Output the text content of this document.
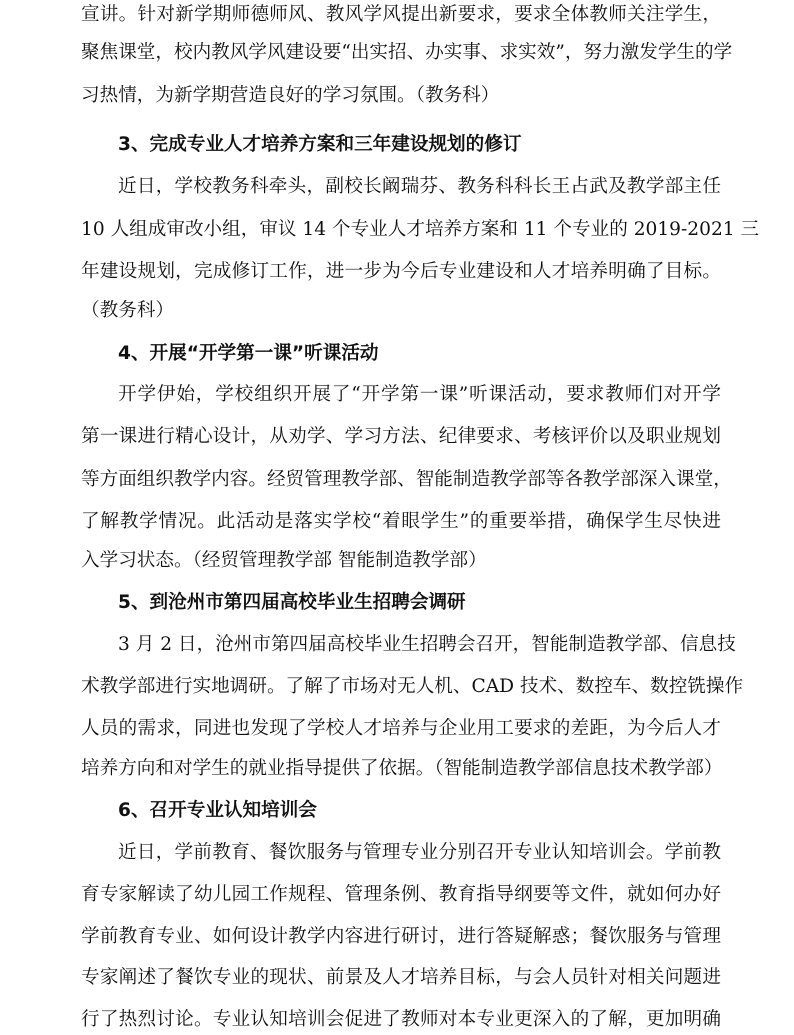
宣讲。针对新学期师德师风、教风学风提出新要求，要求全体教师关注学生，
聚焦课堂，校内教风学风建设要“出实招、办实事、求实效”，努力激发学生的学
习热情，为新学期营造良好的学习氛围。（教务科）
3、完成专业人才培养方案和三年建设规划的修订
近日，学校教务科牵头，副校长阚瑞芬、教务科科长王占武及教学部主任
10 人组成审改小组，审议 14 个专业人才培养方案和 11 个专业的 2019-2021 三
年建设规划，完成修订工作，进一步为今后专业建设和人才培养明确了目标。
（教务科）
4、开展“开学第一课”听课活动
开学伊始，学校组织开展了“开学第一课”听课活动，要求教师们对开学
第一课进行精心设计，从劝学、学习方法、纪律要求、考核评价以及职业规划
等方面组织教学内容。经贸管理教学部、智能制造教学部等各教学部深入课堂，
了解教学情况。此活动是落实学校“着眼学生”的重要举措，确保学生尽快进
入学习状态。（经贸管理教学部 智能制造教学部）
5、到沧州市第四届高校毕业生招聘会调研
3 月 2 日，沧州市第四届高校毕业生招聘会召开，智能制造教学部、信息技
术教学部进行实地调研。了解了市场对无人机、CAD 技术、数控车、数控铣操作
人员的需求，同进也发现了学校人才培养与企业用工要求的差距，为今后人才
培养方向和对学生的就业指导提供了依据。（智能制造教学部信息技术教学部）
6、召开专业认知培训会
近日，学前教育、餐饮服务与管理专业分别召开专业认知培训会。学前教
育专家解读了幼儿园工作规程、管理条例、教育指导纲要等文件，就如何办好
学前教育专业、如何设计教学内容进行研讨，进行答疑解惑；餐饮服务与管理
专家阐述了餐饮专业的现状、前景及人才培养目标，与会人员针对相关问题进
行了热烈讨论。专业认知培训会促进了教师对本专业更深入的了解，更加明确
